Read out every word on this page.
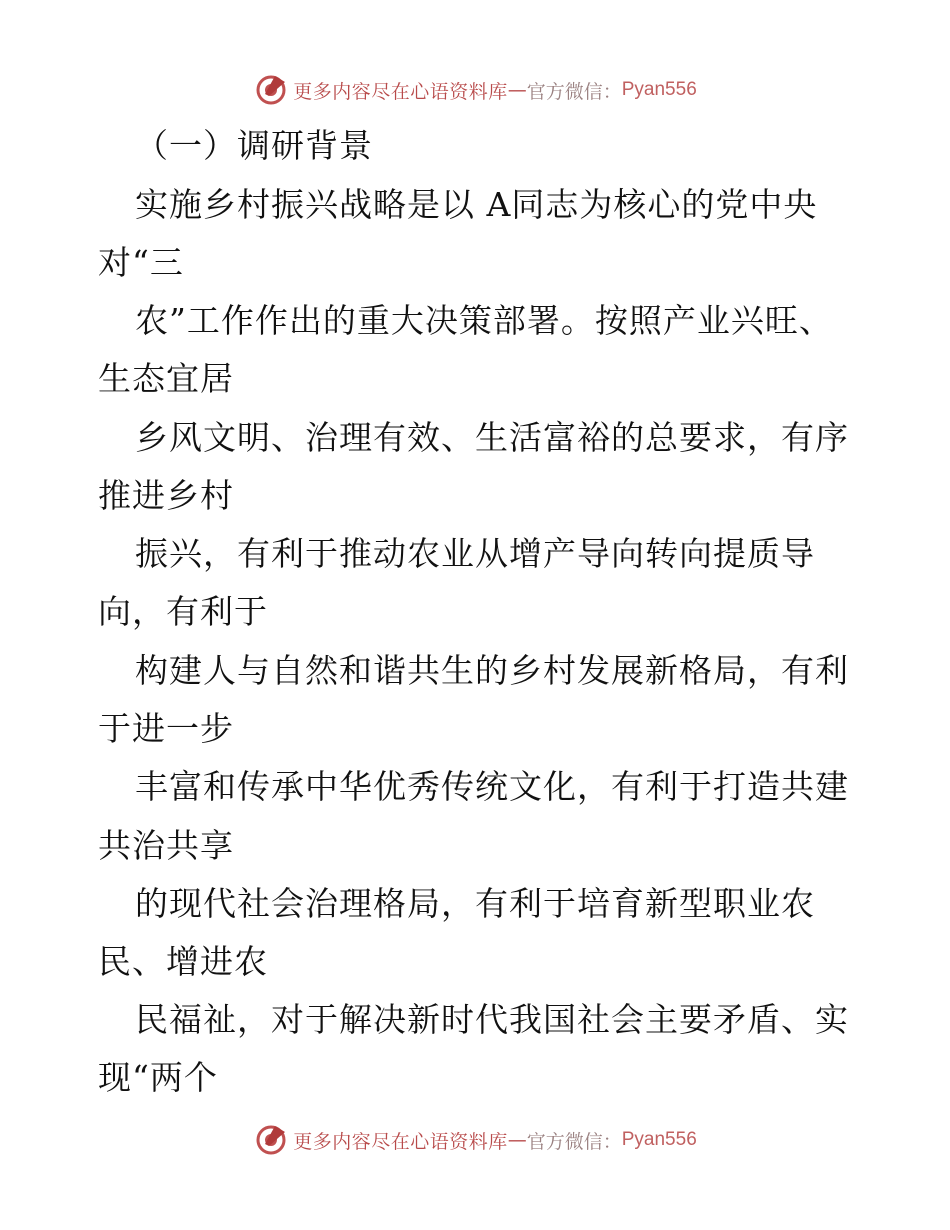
更多内容尽在心语资料库 — 官方微信： Pyan556
（一）调研背景
实施乡村振兴战略是以 A同志为核心的党中央
对“三
农”工作作出的重大决策部署。按照产业兴旺、
生态宜居
乡风文明、治理有效、生活富裕的总要求，有序
推进乡村
振兴，有利于推动农业从增产导向转向提质导
向，有利于
构建人与自然和谐共生的乡村发展新格局，有利
于进一步
丰富和传承中华优秀传统文化，有利于打造共建
共治共享
的现代社会治理格局，有利于培育新型职业农
民、增进农
民福祉，对于解决新时代我国社会主要矛盾、实
现“两个
更多内容尽在心语资料库 — 官方微信： Pyan556
